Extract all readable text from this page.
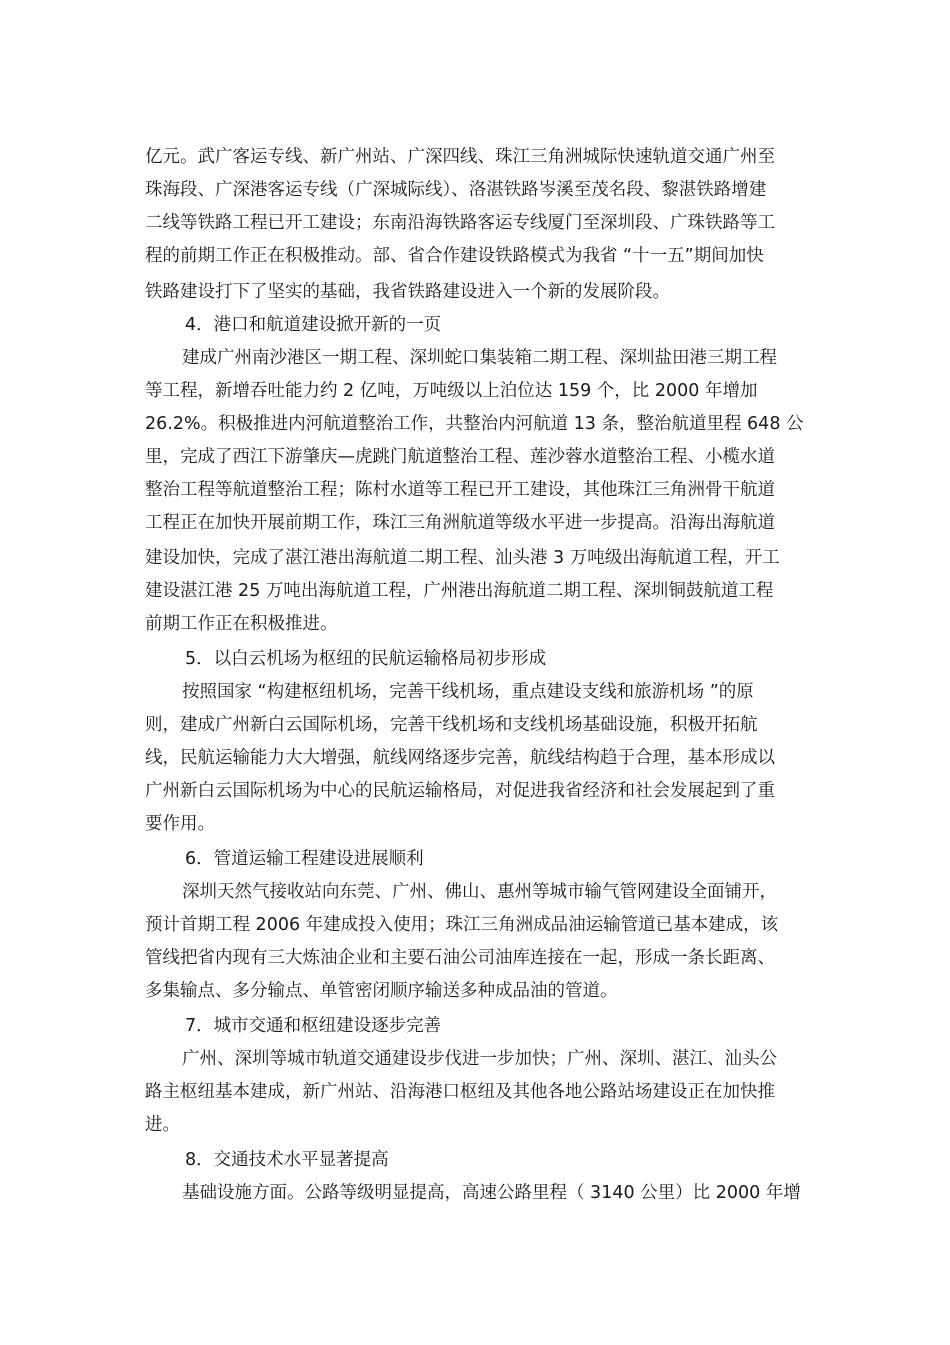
亿元。武广客运专线、新广州站、广深四线、珠江三角洲城际快速轨道交通广州至
珠海段、广深港客运专线（广深城际线）、洛湛铁路岑溪至茂名段、黎湛铁路增建
二线等铁路工程已开工建设；东南沿海铁路客运专线厦门至深圳段、广珠铁路等工
程的前期工作正在积极推动。部、省合作建设铁路模式为我省 “十一五”期间加快
铁路建设打下了坚实的基础，我省铁路建设进入一个新的发展阶段。
4．港口和航道建设掀开新的一页
建成广州南沙港区一期工程、深圳蛇口集装箱二期工程、深圳盐田港三期工程
等工程，新增吞吐能力约 2 亿吨，万吨级以上泊位达 159 个，比 2000 年增加
26.2%。积极推进内河航道整治工作，共整治内河航道 13 条，整治航道里程 648 公
里，完成了西江下游肇庆—虎跳门航道整治工程、莲沙蓉水道整治工程、小榄水道
整治工程等航道整治工程；陈村水道等工程已开工建设，其他珠江三角洲骨干航道
工程正在加快开展前期工作，珠江三角洲航道等级水平进一步提高。沿海出海航道
建设加快，完成了湛江港出海航道二期工程、汕头港 3 万吨级出海航道工程，开工
建设湛江港 25 万吨出海航道工程，广州港出海航道二期工程、深圳铜鼓航道工程
前期工作正在积极推进。
5．以白云机场为枢纽的民航运输格局初步形成
按照国家 “构建枢纽机场，完善干线机场，重点建设支线和旅游机场 ”的原
则，建成广州新白云国际机场，完善干线机场和支线机场基础设施，积极开拓航
线，民航运输能力大大增强，航线网络逐步完善，航线结构趋于合理，基本形成以
广州新白云国际机场为中心的民航运输格局，对促进我省经济和社会发展起到了重
要作用。
6．管道运输工程建设进展顺利
深圳天然气接收站向东莞、广州、佛山、惠州等城市输气管网建设全面铺开，
预计首期工程 2006 年建成投入使用；珠江三角洲成品油运输管道已基本建成，该
管线把省内现有三大炼油企业和主要石油公司油库连接在一起，形成一条长距离、
多集输点、多分输点、单管密闭顺序输送多种成品油的管道。
7．城市交通和枢纽建设逐步完善
广州、深圳等城市轨道交通建设步伐进一步加快；广州、深圳、湛江、汕头公
路主枢纽基本建成，新广州站、沿海港口枢纽及其他各地公路站场建设正在加快推
进。
8．交通技术水平显著提高
基础设施方面。公路等级明显提高，高速公路里程（ 3140 公里）比 2000 年增
